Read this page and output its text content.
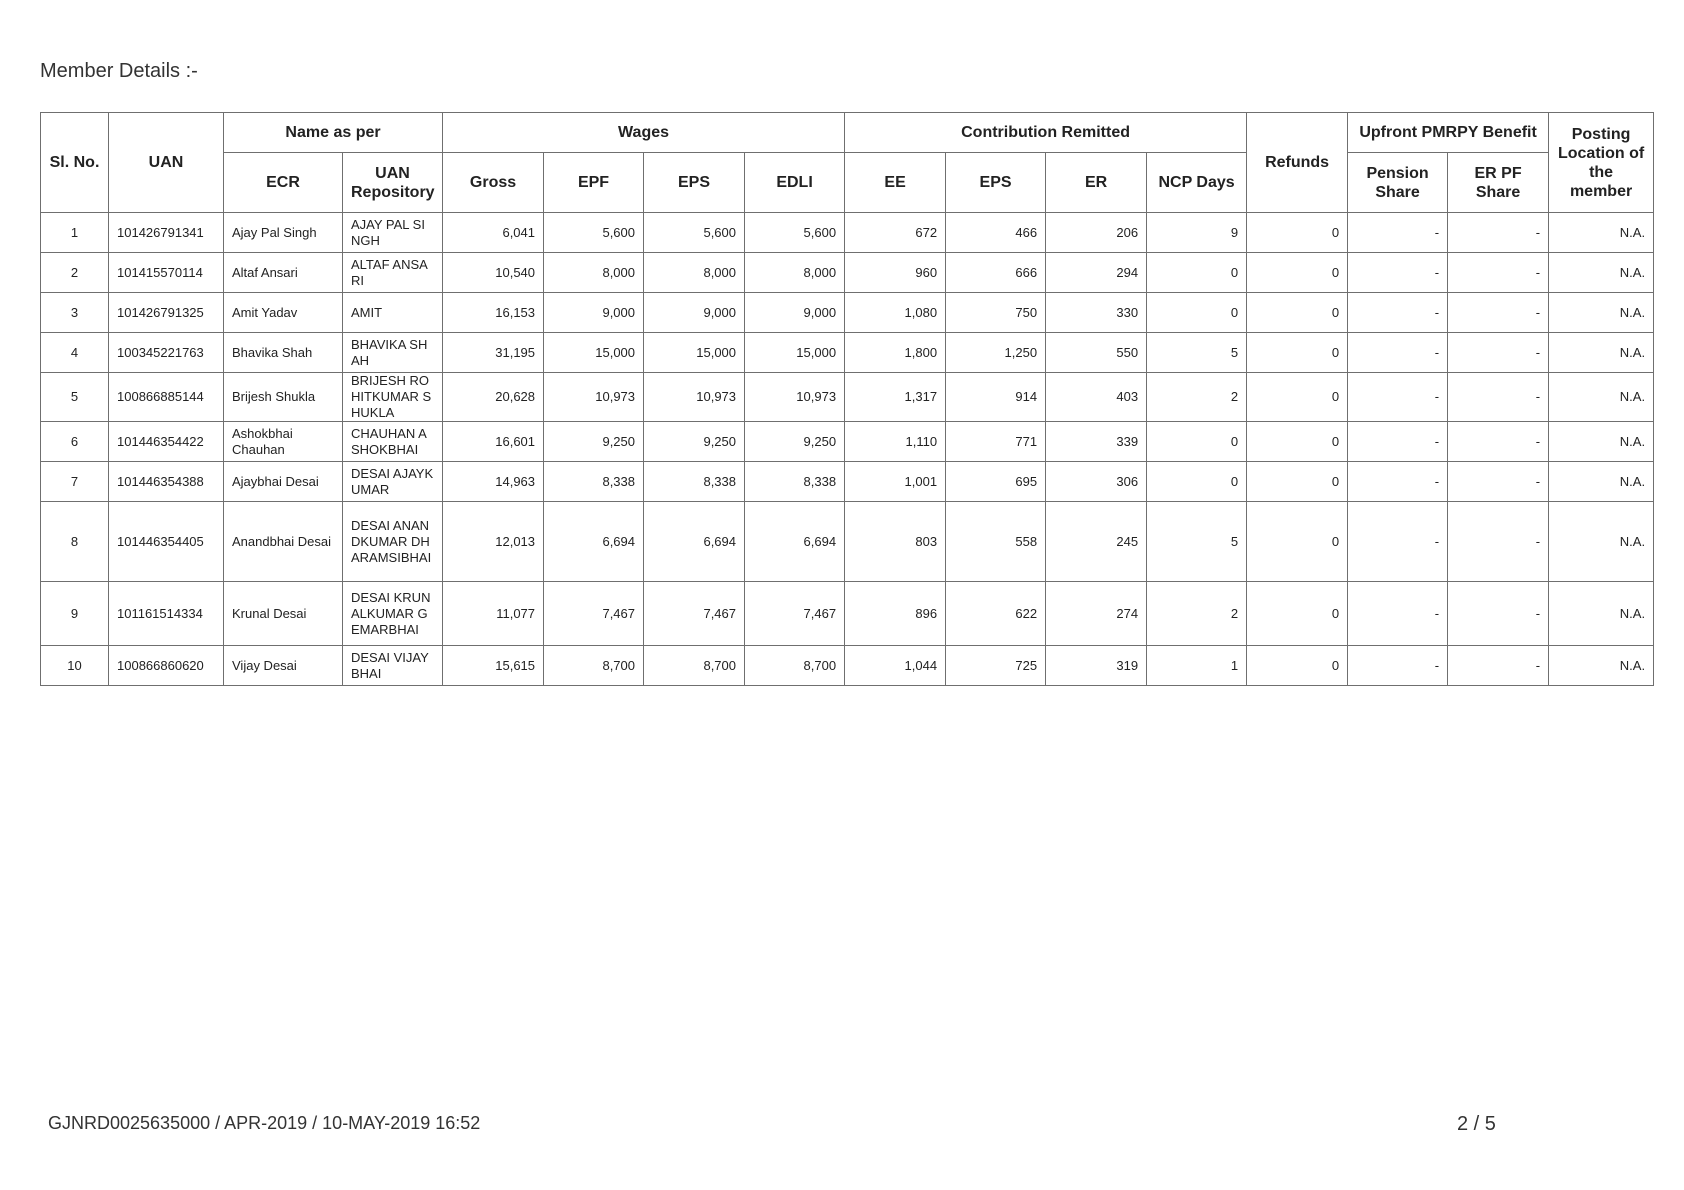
Member Details :-
Sl. No.	UAN	Name as per		Wages				Contribution Remitted				Refunds	Upfront PMRPY Benefit		Posting Location of the member
		ECR	UAN Repository	Gross	EPF	EPS	EDLI	EE	EPS	ER	NCP Days		Pension Share	ER PF Share	
1	101426791341	Ajay Pal Singh	AJAY PAL SINGH	6,041	5,600	5,600	5,600	672	466	206	9	0	-	-	N.A.
2	101415570114	Altaf Ansari	ALTAF ANSARI	10,540	8,000	8,000	8,000	960	666	294	0	0	-	-	N.A.
3	101426791325	Amit Yadav	AMIT	16,153	9,000	9,000	9,000	1,080	750	330	0	0	-	-	N.A.
4	100345221763	Bhavika Shah	BHAVIKA SHAH	31,195	15,000	15,000	15,000	1,800	1,250	550	5	0	-	-	N.A.
5	100866885144	Brijesh Shukla	BRIJESH ROHITKUMAR SHUKLA	20,628	10,973	10,973	10,973	1,317	914	403	2	0	-	-	N.A.
6	101446354422	Ashokbhai Chauhan	CHAUHAN ASHOKBHAI	16,601	9,250	9,250	9,250	1,110	771	339	0	0	-	-	N.A.
7	101446354388	Ajaybhai Desai	DESAI AJAYKUMAR	14,963	8,338	8,338	8,338	1,001	695	306	0	0	-	-	N.A.
8	101446354405	Anandbhai Desai	DESAI ANANDKUMAR DHARAMSIBHAI	12,013	6,694	6,694	6,694	803	558	245	5	0	-	-	N.A.
9	101161514334	Krunal Desai	DESAI KRUNALKUMAR GEMARBHAI	11,077	7,467	7,467	7,467	896	622	274	2	0	-	-	N.A.
10	100866860620	Vijay Desai	DESAI VIJAYBHAI	15,615	8,700	8,700	8,700	1,044	725	319	1	0	-	-	N.A.
GJNRD0025635000 / APR-2019 / 10-MAY-2019 16:52	2 / 5
